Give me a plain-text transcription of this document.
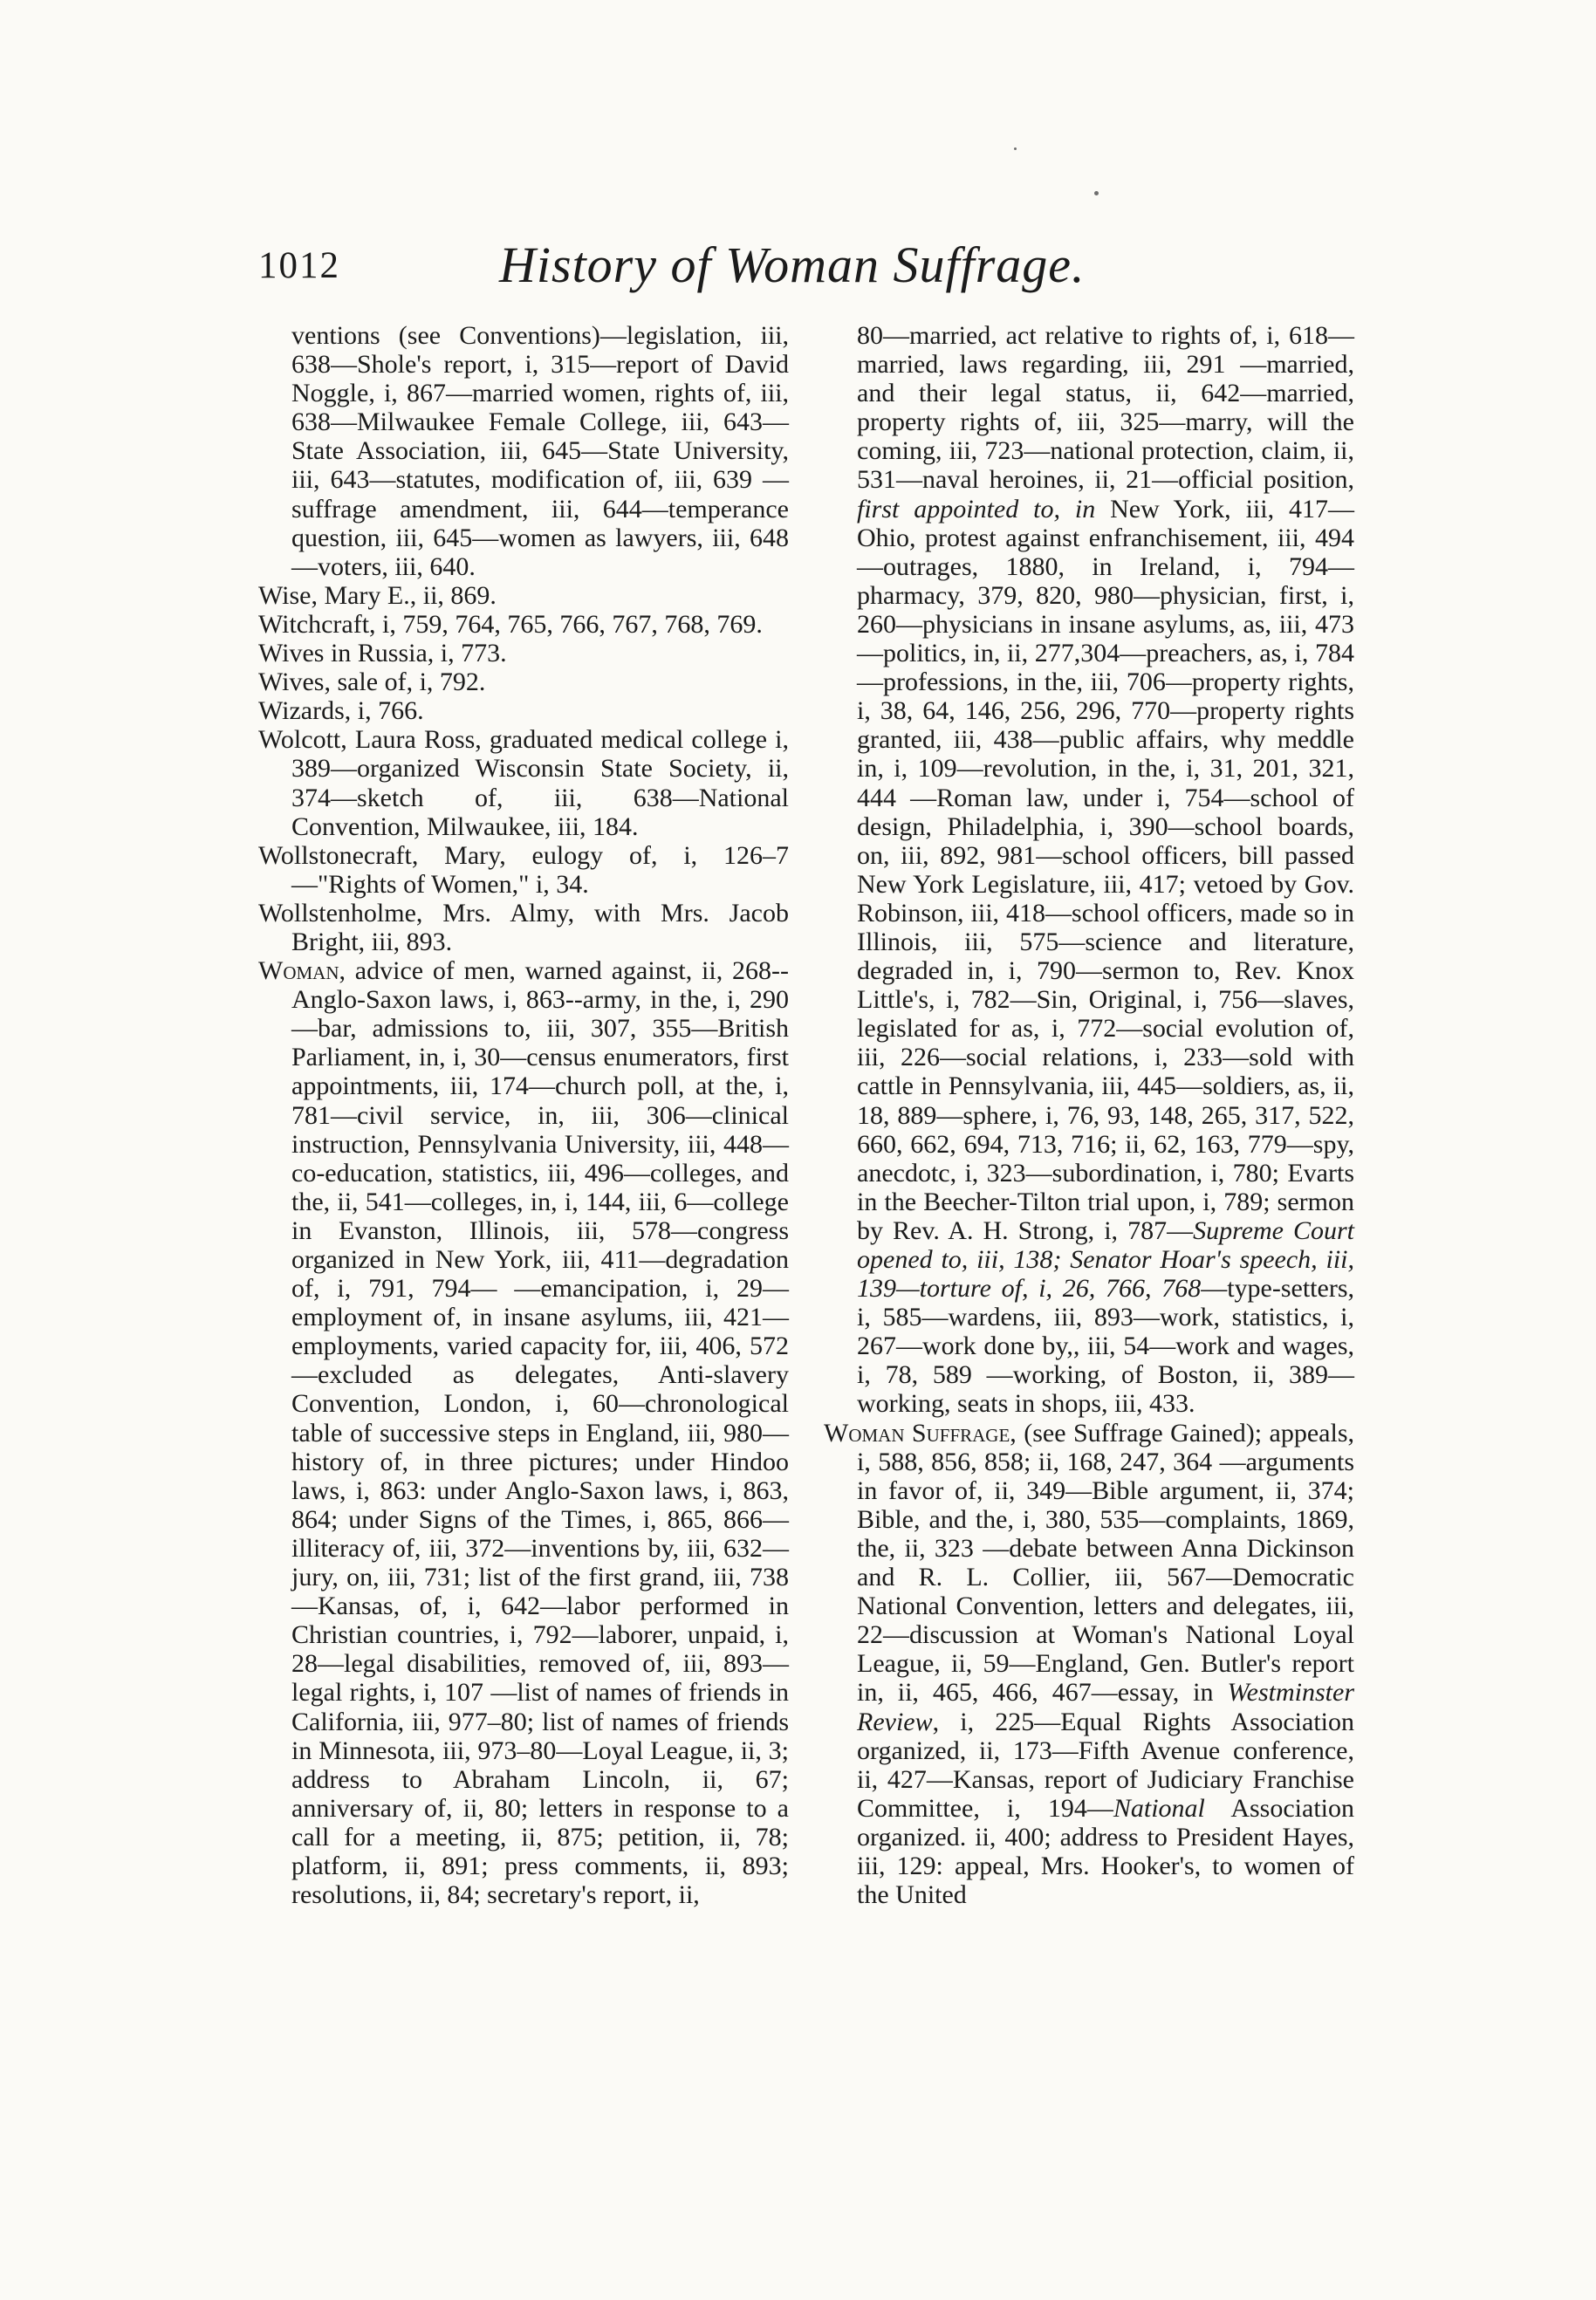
1012	History of Woman Suffrage.

ventions (see Conventions)—legislation, iii, 638—Shole's report, i, 315—report of David Noggle, i, 867—married women, rights of, iii, 638—Milwaukee Female College, iii, 643—State Association, iii, 645—State University, iii, 643—statutes, modification of, iii, 639 —suffrage amendment, iii, 644—temperance question, iii, 645—women as lawyers, iii, 648—voters, iii, 640.

Wise, Mary E., ii, 869.

Witchcraft, i, 759, 764, 765, 766, 767, 768, 769.

Wives in Russia, i, 773.

Wives, sale of, i, 792.

Wizards, i, 766.

Wolcott, Laura Ross, graduated medical college i, 389—organized Wisconsin State Society, ii, 374—sketch of, iii, 638—National Convention, Milwaukee, iii, 184.

Wollstonecraft, Mary, eulogy of, i, 126–7 —"Rights of Women," i, 34.

Wollstenholme, Mrs. Almy, with Mrs. Jacob Bright, iii, 893.

Woman, advice of men, warned against, ii, 268--Anglo-Saxon laws, i, 863--army, in the, i, 290—bar, admissions to, iii, 307, 355—British Parliament, in, i, 30—census enumerators, first appointments, iii, 174—church poll, at the, i, 781—civil service, in, iii, 306—clinical instruction, Pennsylvania University, iii, 448—co-education, statistics, iii, 496—colleges, and the, ii, 541—colleges, in, i, 144, iii, 6—college in Evanston, Illinois, iii, 578—congress organized in New York, iii, 411—degradation of, i, 791, 794— —emancipation, i, 29—employment of, in insane asylums, iii, 421—employments, varied capacity for, iii, 406, 572—excluded as delegates, Anti-slavery Convention, London, i, 60—chronological table of successive steps in England, iii, 980—history of, in three pictures; under Hindoo laws, i, 863: under Anglo-Saxon laws, i, 863, 864; under Signs of the Times, i, 865, 866—illiteracy of, iii, 372—inventions by, iii, 632—jury, on, iii, 731; list of the first grand, iii, 738—Kansas, of, i, 642—labor performed in Christian countries, i, 792—laborer, unpaid, i, 28—legal disabilities, removed of, iii, 893—legal rights, i, 107 —list of names of friends in California, iii, 977–80; list of names of friends in Minnesota, iii, 973–80—Loyal League, ii, 3; address to Abraham Lincoln, ii, 67; anniversary of, ii, 80; letters in response to a call for a meeting, ii, 875; petition, ii, 78; platform, ii, 891; press comments, ii, 893; resolutions, ii, 84; secretary's report, ii,

80—married, act relative to rights of, i, 618—married, laws regarding, iii, 291 —married, and their legal status, ii, 642—married, property rights of, iii, 325—marry, will the coming, iii, 723—national protection, claim, ii, 531—naval heroines, ii, 21—official position, first appointed to, in New York, iii, 417—Ohio, protest against enfranchisement, iii, 494—outrages, 1880, in Ireland, i, 794—pharmacy, 379, 820, 980—physician, first, i, 260—physicians in insane asylums, as, iii, 473 —politics, in, ii, 277,304—preachers, as, i, 784—professions, in the, iii, 706—property rights, i, 38, 64, 146, 256, 296, 770—property rights granted, iii, 438—public affairs, why meddle in, i, 109—revolution, in the, i, 31, 201, 321, 444 —Roman law, under i, 754—school of design, Philadelphia, i, 390—school boards, on, iii, 892, 981—school officers, bill passed New York Legislature, iii, 417; vetoed by Gov. Robinson, iii, 418—school officers, made so in Illinois, iii, 575—science and literature, degraded in, i, 790—sermon to, Rev. Knox Little's, i, 782—Sin, Original, i, 756—slaves, legislated for as, i, 772—social evolution of, iii, 226—social relations, i, 233—sold with cattle in Pennsylvania, iii, 445—soldiers, as, ii, 18, 889—sphere, i, 76, 93, 148, 265, 317, 522, 660, 662, 694, 713, 716; ii, 62, 163, 779—spy, anecdotc, i, 323—subordination, i, 780; Evarts in the Beecher-Tilton trial upon, i, 789; sermon by Rev. A. H. Strong, i, 787—Supreme Court opened to, iii, 138; Senator Hoar's speech, iii, 139—torture of, i, 26, 766, 768—type-setters, i, 585—wardens, iii, 893—work, statistics, i, 267—work done by,, iii, 54—work and wages, i, 78, 589 —working, of Boston, ii, 389—working, seats in shops, iii, 433.

Woman Suffrage, (see Suffrage Gained); appeals, i, 588, 856, 858; ii, 168, 247, 364 —arguments in favor of, ii, 349—Bible argument, ii, 374; Bible, and the, i, 380, 535—complaints, 1869, the, ii, 323 —debate between Anna Dickinson and R. L. Collier, iii, 567—Democratic National Convention, letters and delegates, iii, 22—discussion at Woman's National Loyal League, ii, 59—England, Gen. Butler's report in, ii, 465, 466, 467—essay, in Westminster Review, i, 225—Equal Rights Association organized, ii, 173—Fifth Avenue conference, ii, 427—Kansas, report of Judiciary Franchise Committee, i, 194—National Association organized. ii, 400; address to President Hayes, iii, 129: appeal, Mrs. Hooker's, to women of the United
